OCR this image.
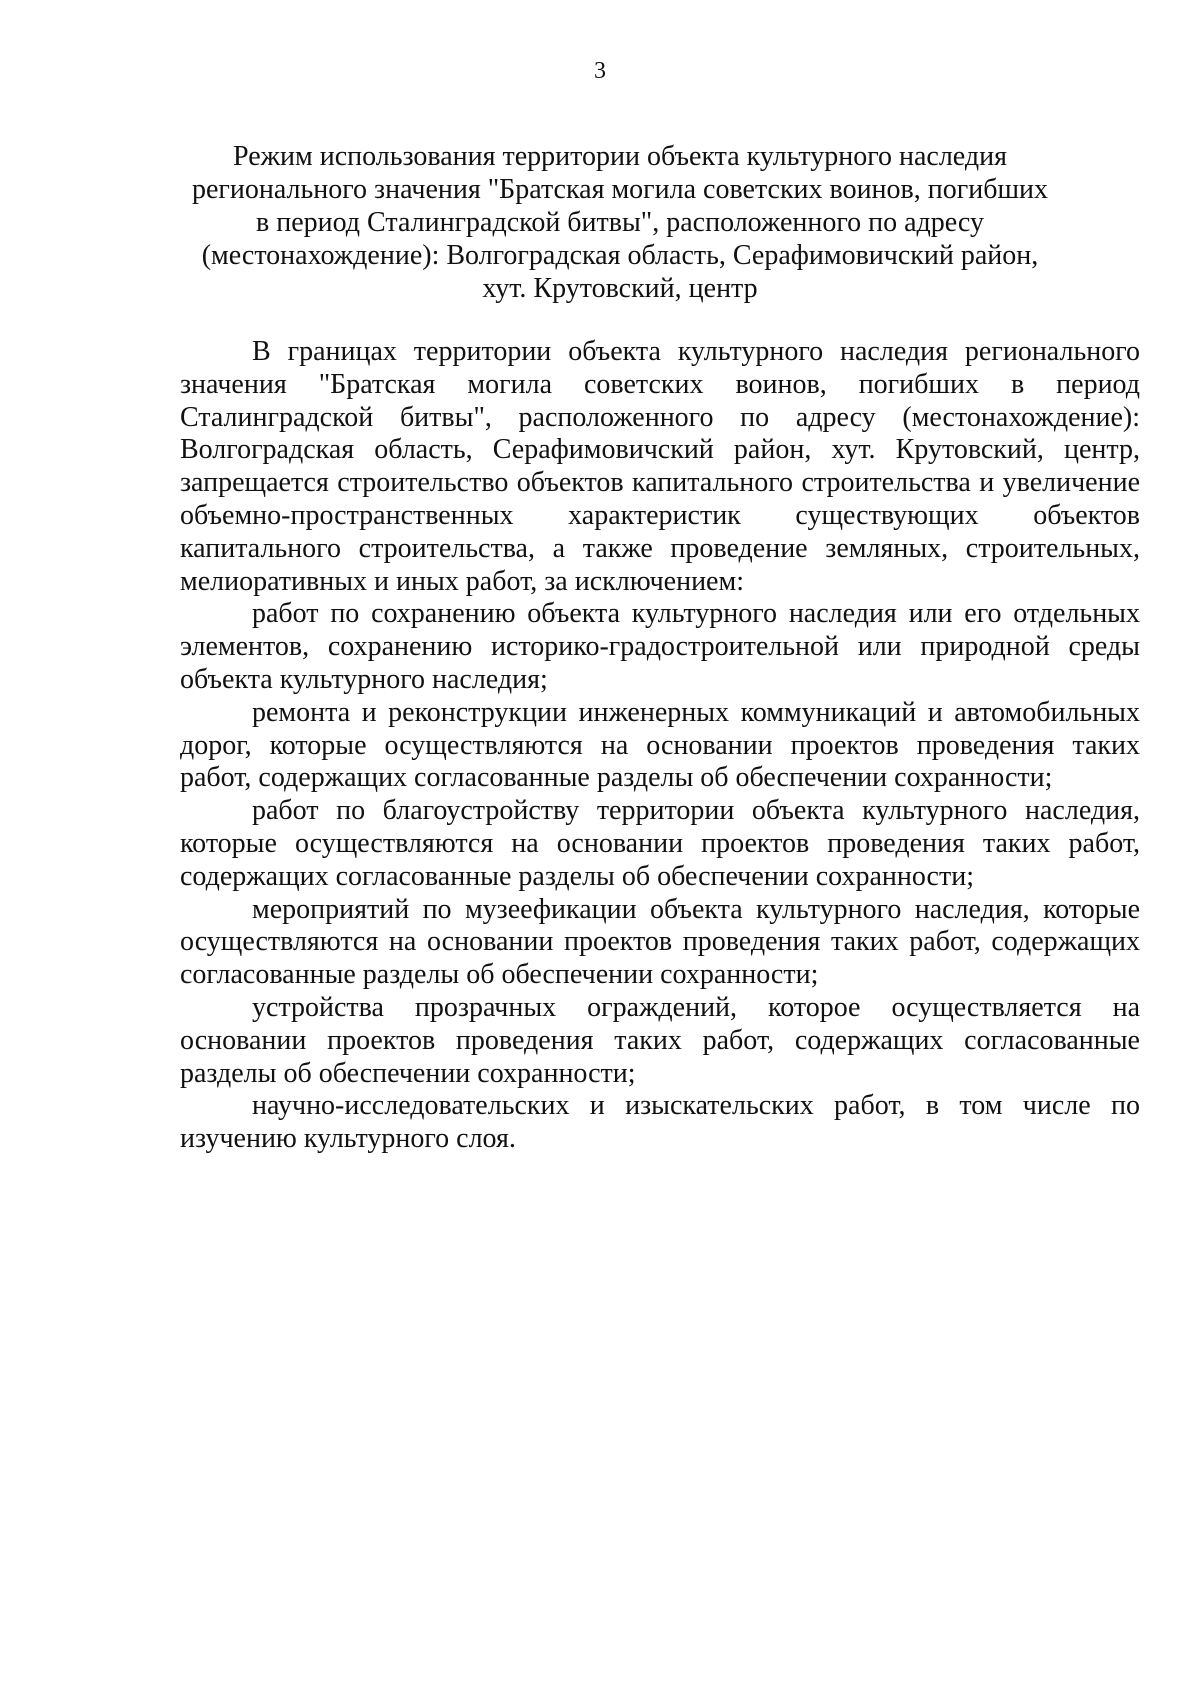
3
Режим использования территории объекта культурного наследия
регионального значения "Братская могила советских воинов, погибших
в период Сталинградской битвы", расположенного по адресу
(местонахождение): Волгоградская область, Серафимовичский район,
хут. Крутовский, центр

В границах территории объекта культурного наследия регионального значения "Братская могила советских воинов, погибших в период Сталинградской битвы", расположенного по адресу (местонахождение): Волгоградская область, Серафимовичский район, хут. Крутовский, центр, запрещается строительство объектов капитального строительства и увеличение объемно-пространственных характеристик существующих объектов капитального строительства, а также проведение земляных, строительных, мелиоративных и иных работ, за исключением:

работ по сохранению объекта культурного наследия или его отдельных элементов, сохранению историко-градостроительной или природной среды объекта культурного наследия;

ремонта и реконструкции инженерных коммуникаций и автомобильных дорог, которые осуществляются на основании проектов проведения таких работ, содержащих согласованные разделы об обеспечении сохранности;

работ по благоустройству территории объекта культурного наследия, которые осуществляются на основании проектов проведения таких работ, содержащих согласованные разделы об обеспечении сохранности;

мероприятий по музеефикации объекта культурного наследия, которые осуществляются на основании проектов проведения таких работ, содержащих согласованные разделы об обеспечении сохранности;

устройства прозрачных ограждений, которое осуществляется на основании проектов проведения таких работ, содержащих согласованные разделы об обеспечении сохранности;

научно-исследовательских и изыскательских работ, в том числе по изучению культурного слоя.
